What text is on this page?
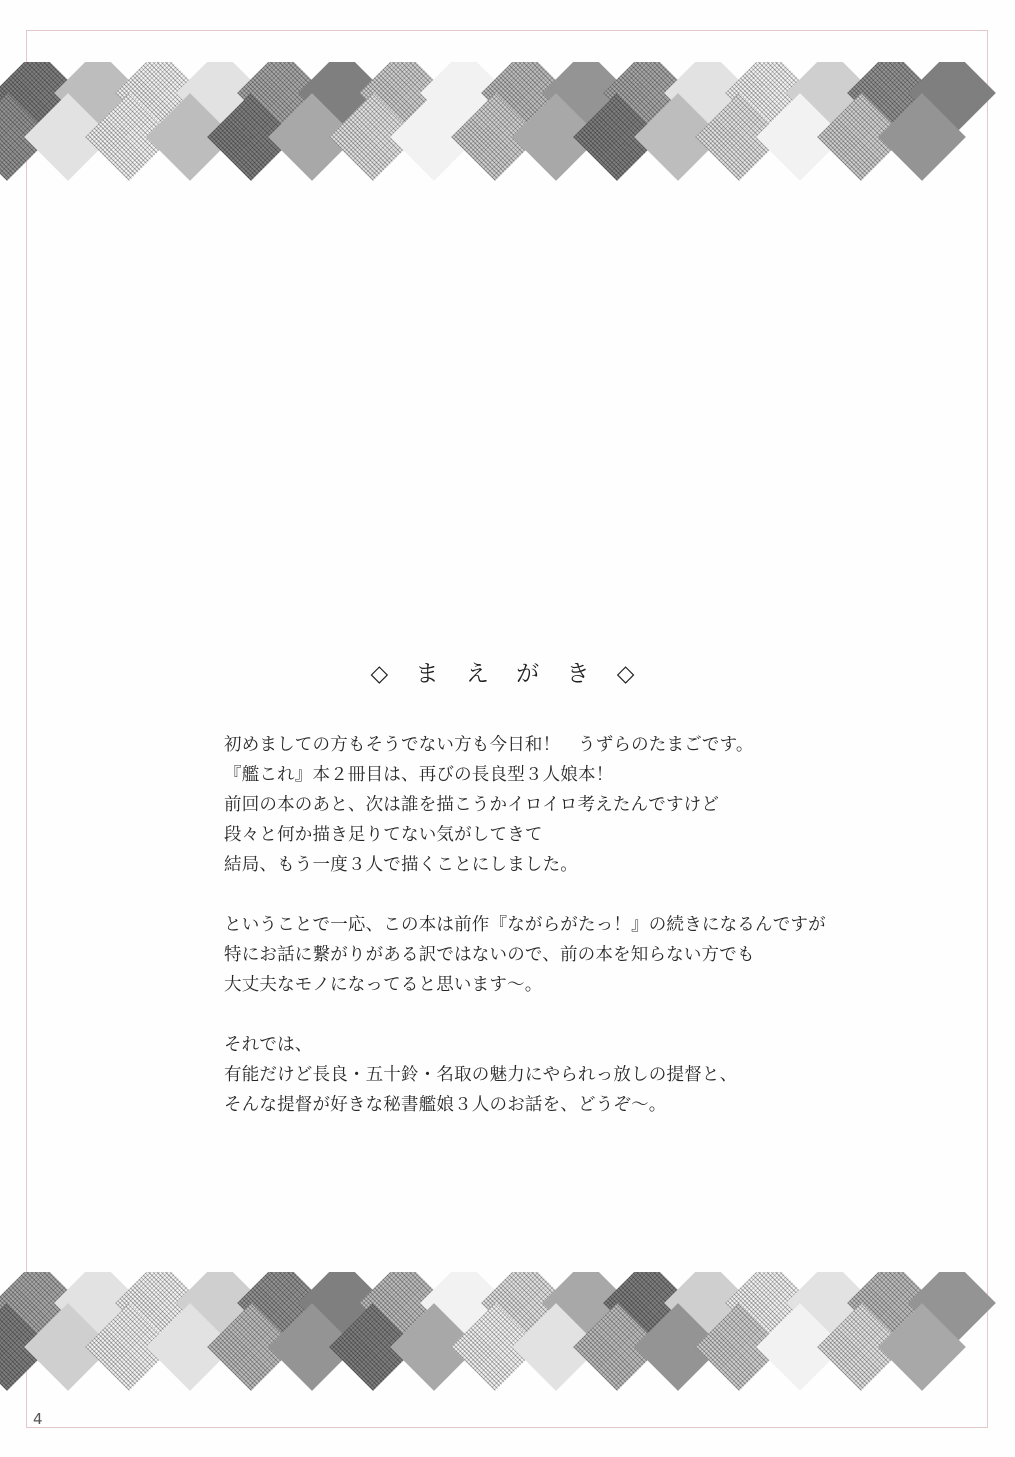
◇ ま え が き ◇
初めましての方もそうでない方も今日和！　うずらのたまごです。
『艦これ』本２冊目は、再びの長良型３人娘本！
前回の本のあと、次は誰を描こうかイロイロ考えたんですけど
段々と何か描き足りてない気がしてきて
結局、もう一度３人で描くことにしました。
ということで一応、この本は前作『ながらがたっ！』の続きになるんですが
特にお話に繋がりがある訳ではないので、前の本を知らない方でも
大丈夫なモノになってると思います〜。
それでは、
有能だけど長良・五十鈴・名取の魅力にやられっ放しの提督と、
そんな提督が好きな秘書艦娘３人のお話を、どうぞ〜。
4
